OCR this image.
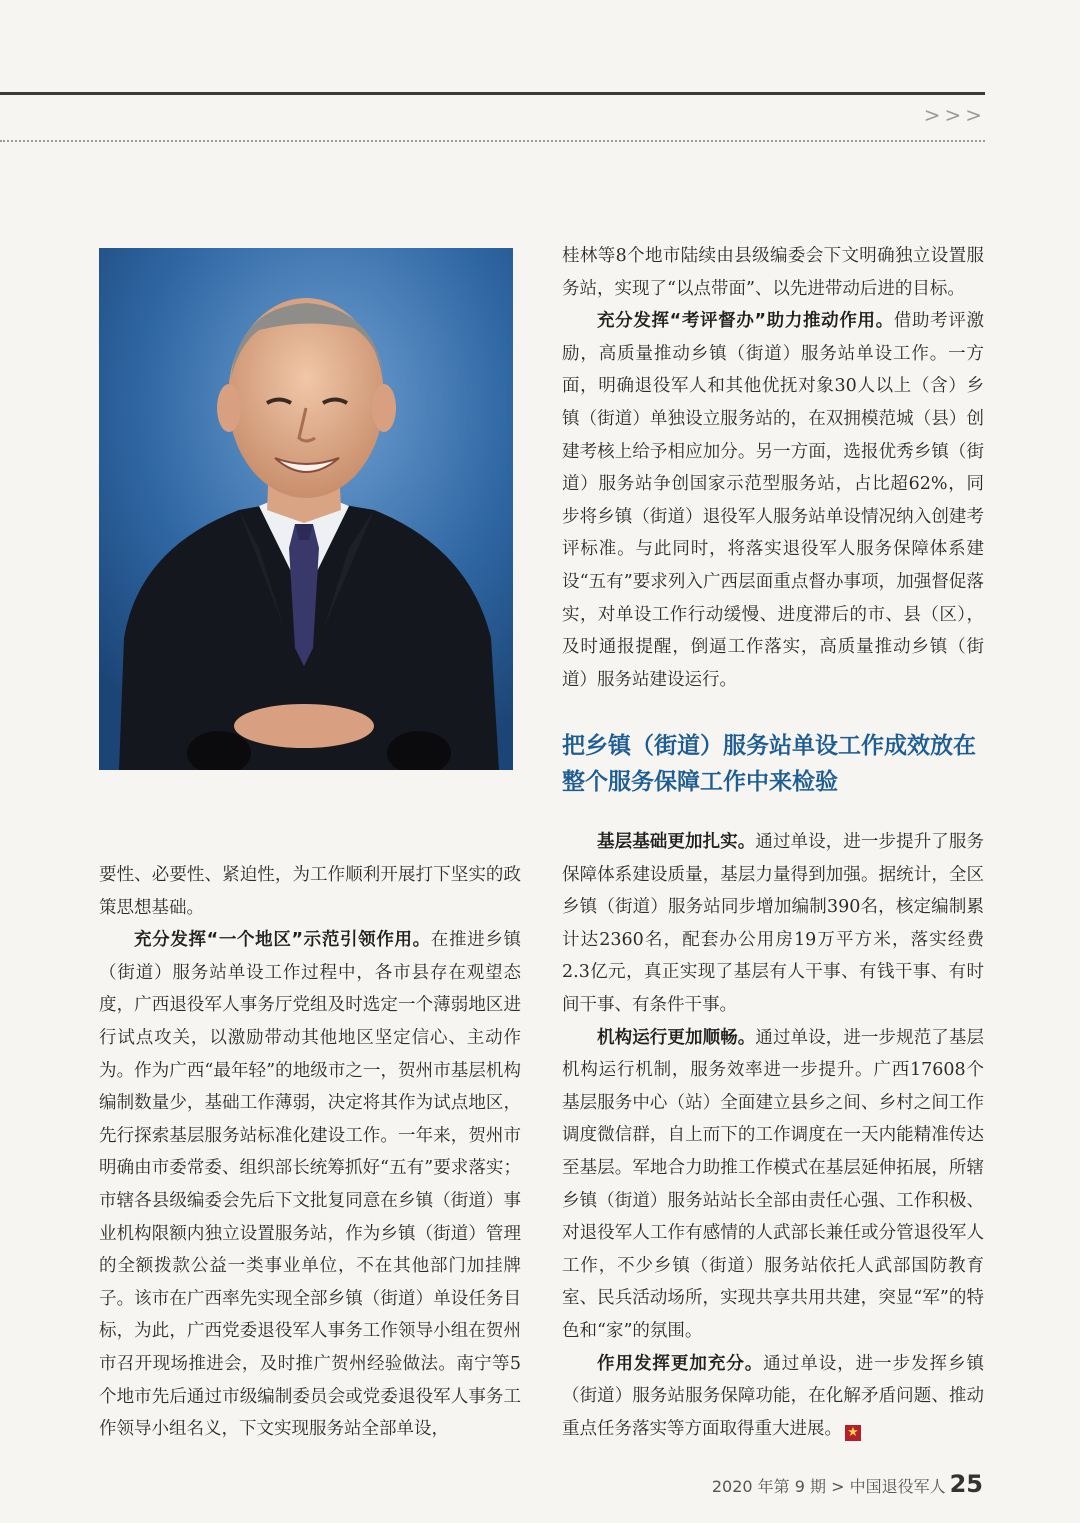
>>>

要性、必要性、紧迫性，为工作顺利开展打下坚实的政策思想基础。

充分发挥“一个地区”示范引领作用。在推进乡镇（街道）服务站单设工作过程中，各市县存在观望态度，广西退役军人事务厅党组及时选定一个薄弱地区进行试点攻关，以激励带动其他地区坚定信心、主动作为。作为广西“最年轻”的地级市之一，贺州市基层机构编制数量少，基础工作薄弱，决定将其作为试点地区，先行探索基层服务站标准化建设工作。一年来，贺州市明确由市委常委、组织部长统筹抓好“五有”要求落实；市辖各县级编委会先后下文批复同意在乡镇（街道）事业机构限额内独立设置服务站，作为乡镇（街道）管理的全额拨款公益一类事业单位，不在其他部门加挂牌子。该市在广西率先实现全部乡镇（街道）单设任务目标，为此，广西党委退役军人事务工作领导小组在贺州市召开现场推进会，及时推广贺州经验做法。南宁等5个地市先后通过市级编制委员会或党委退役军人事务工作领导小组名义，下文实现服务站全部单设，

桂林等8个地市陆续由县级编委会下文明确独立设置服务站，实现了“以点带面”、以先进带动后进的目标。

充分发挥“考评督办”助力推动作用。借助考评激励，高质量推动乡镇（街道）服务站单设工作。一方面，明确退役军人和其他优抚对象30人以上（含）乡镇（街道）单独设立服务站的，在双拥模范城（县）创建考核上给予相应加分。另一方面，选报优秀乡镇（街道）服务站争创国家示范型服务站，占比超62%，同步将乡镇（街道）退役军人服务站单设情况纳入创建考评标准。与此同时，将落实退役军人服务保障体系建设“五有”要求列入广西层面重点督办事项，加强督促落实，对单设工作行动缓慢、进度滞后的市、县（区），及时通报提醒，倒逼工作落实，高质量推动乡镇（街道）服务站建设运行。

把乡镇（街道）服务站单设工作成效放在整个服务保障工作中来检验

基层基础更加扎实。通过单设，进一步提升了服务保障体系建设质量，基层力量得到加强。据统计，全区乡镇（街道）服务站同步增加编制390名，核定编制累计达2360名，配套办公用房19万平方米，落实经费2.3亿元，真正实现了基层有人干事、有钱干事、有时间干事、有条件干事。

机构运行更加顺畅。通过单设，进一步规范了基层机构运行机制，服务效率进一步提升。广西17608个基层服务中心（站）全面建立县乡之间、乡村之间工作调度微信群，自上而下的工作调度在一天内能精准传达至基层。军地合力助推工作模式在基层延伸拓展，所辖乡镇（街道）服务站站长全部由责任心强、工作积极、对退役军人工作有感情的人武部长兼任或分管退役军人工作，不少乡镇（街道）服务站依托人武部国防教育室、民兵活动场所，实现共享共用共建，突显“军”的特色和“家”的氛围。

作用发挥更加充分。通过单设，进一步发挥乡镇（街道）服务站服务保障功能，在化解矛盾问题、推动重点任务落实等方面取得重大进展。 ★

2020 年第 9 期 > 中国退役军人 25
